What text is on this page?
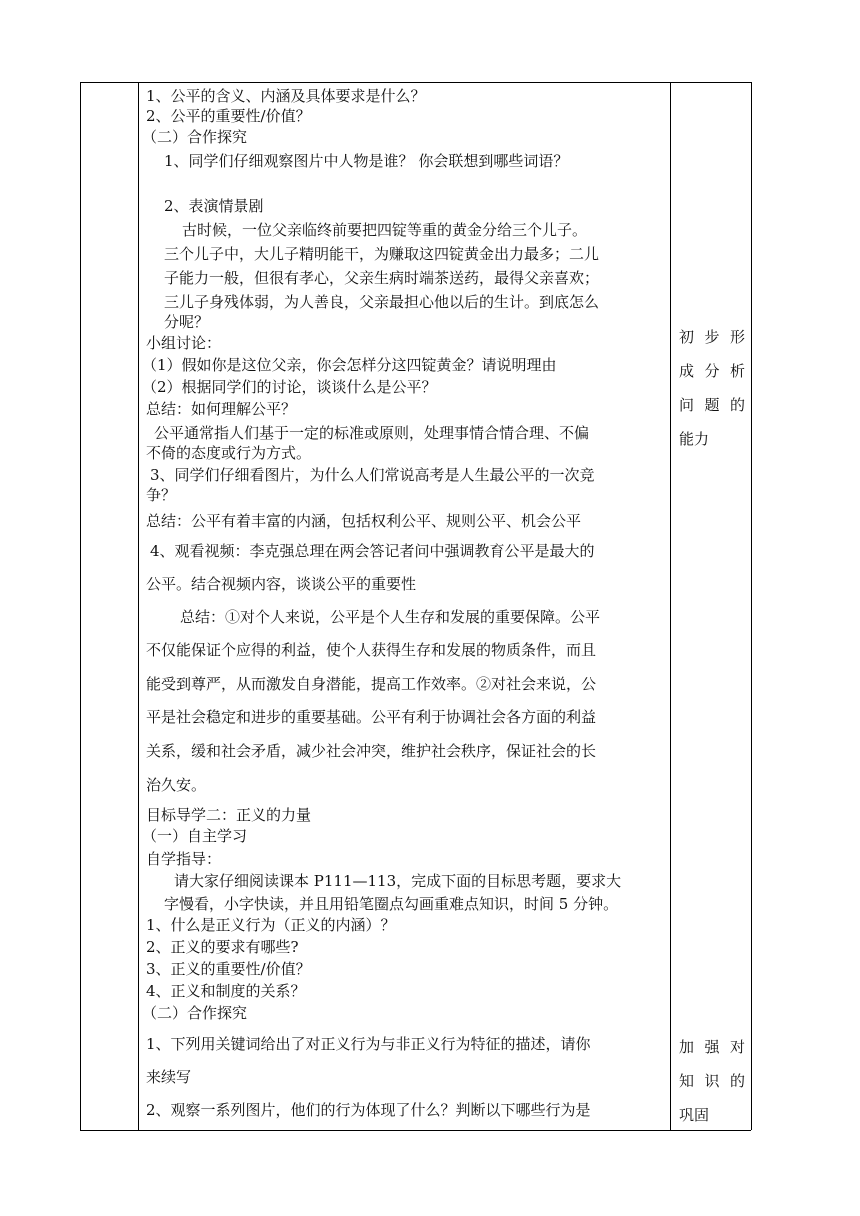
1、公平的含义、内涵及具体要求是什么？
2、公平的重要性/价值？
（二）合作探究
1、同学们仔细观察图片中人物是谁？ 你会联想到哪些词语？
2、表演情景剧
古时候，一位父亲临终前要把四锭等重的黄金分给三个儿子。
三个儿子中，大儿子精明能干，为赚取这四锭黄金出力最多；二儿
子能力一般，但很有孝心，父亲生病时端茶送药，最得父亲喜欢；
三儿子身残体弱，为人善良，父亲最担心他以后的生计。到底怎么
分呢？
小组讨论：
（1）假如你是这位父亲，你会怎样分这四锭黄金？请说明理由
（2）根据同学们的讨论，谈谈什么是公平？
总结：如何理解公平？
公平通常指人们基于一定的标准或原则，处理事情合情合理、不偏
不倚的态度或行为方式。
3、同学们仔细看图片，为什么人们常说高考是人生最公平的一次竞
争？
总结：公平有着丰富的内涵，包括权利公平、规则公平、机会公平
4、观看视频：李克强总理在两会答记者问中强调教育公平是最大的
公平。结合视频内容，谈谈公平的重要性
总结：①对个人来说，公平是个人生存和发展的重要保障。公平
不仅能保证个应得的利益，使个人获得生存和发展的物质条件，而且
能受到尊严，从而激发自身潜能，提高工作效率。②对社会来说，公
平是社会稳定和进步的重要基础。公平有利于协调社会各方面的利益
关系，缓和社会矛盾，减少社会冲突，维护社会秩序，保证社会的长
治久安。
目标导学二：正义的力量
（一）自主学习
自学指导：
请大家仔细阅读课本 P111—113，完成下面的目标思考题，要求大
字慢看，小字快读，并且用铅笔圈点勾画重难点知识，时间 5 分钟。
1、什么是正义行为（正义的内涵）？
2、正义的要求有哪些?
3、正义的重要性/价值？
4、正义和制度的关系？
（二）合作探究
1、下列用关键词给出了对正义行为与非正义行为特征的描述，请你
来续写
2、观察一系列图片，他们的行为体现了什么？判断以下哪些行为是
初步形
成分析
问题的
能力
加强对
知识的
巩固
